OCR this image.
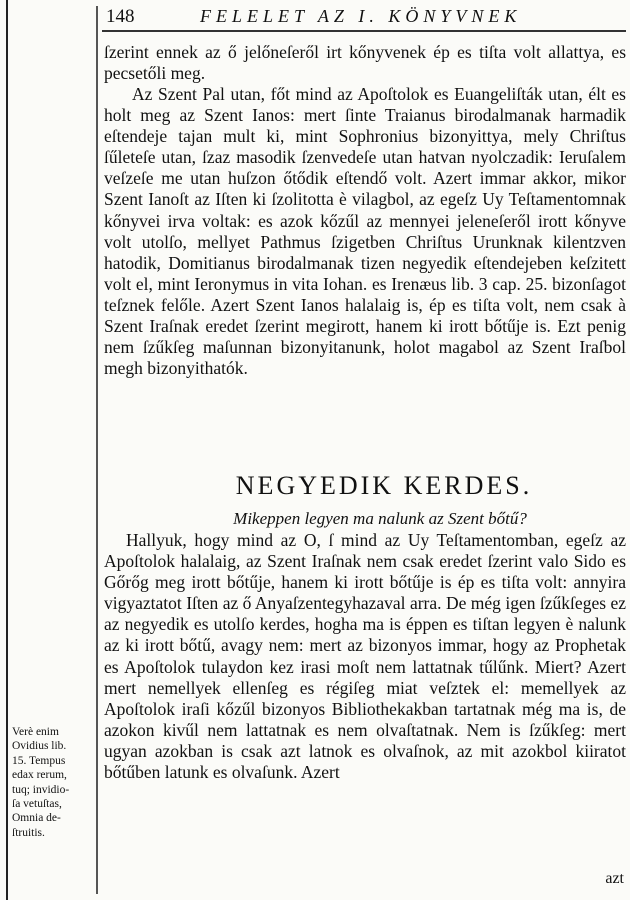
148	FELELET AZ I. KÖNYVNEK

ſzerint ennek az ő jelőneſeről irt kőnyvenek ép es tiſta volt allattya, es pecsetőli meg.

Az Szent Pal utan, főt mind az Apoſtolok es Euangeliſták utan, élt es holt meg az Szent Ianos: mert ſinte Traianus birodalmanak harmadik eſtendeje tajan mult ki, mint Sophronius bizonyittya, mely Chriſtus ſűleteſe utan, ſzaz masodik ſzenvedeſe utan hatvan nyolczadik: Ieruſalem veſzeſe me utan huſzon őtődik eſtendő volt. Azert immar akkor, mikor Szent Ianoſt az Iſten ki ſzolitotta è vilagbol, az egeſz Uy Teſtamentomnak kőnyvei irva voltak: es azok kőzűl az mennyei jeleneſeről irott kőnyve volt utolſo, mellyet Pathmus ſzigetben Chriſtus Urunknak kilentzven hatodik, Domitianus birodalmanak tizen negyedik eſtendejeben keſzitett volt el, mint Ieronymus in vita Iohan. es Irenæus lib. 3 cap. 25. bizonſagot teſznek felőle. Azert Szent Ianos halalaig is, ép es tiſta volt, nem csak à Szent Iraſnak eredet ſzerint megirott, hanem ki irott bőtűje is. Ezt penig nem ſzűkſeg maſunnan bizonyitanunk, holot magabol az Szent Iraſbol megh bizonyithatók.

NEGYEDIK KERDES.
Mikeppen legyen ma nalunk az Szent bőtű?

Hallyuk, hogy mind az O, ſ mind az Uy Teſtamentomban, egeſz az Apoſtolok halalaig, az Szent Iraſnak nem csak eredet ſzerint valo Sido es Gőrőg meg irott bőtűje, hanem ki irott bőtűje is ép es tiſta volt: annyira vigyaztatot Iſten az ő Anyaſzentegyhazaval arra. De még igen ſzűkſeges ez az negyedik es utolſo kerdes, hogha ma is éppen es tiſtan legyen è nalunk az ki irott bőtű, avagy nem: mert az bizonyos immar, hogy az Prophetak es Apoſtolok tulaydon kez irasi moſt nem lattatnak tűlűnk. Miert? Azert mert nemellyek ellenſeg es régiſeg miat veſztek el: memellyek az Apoſtolok iraſi kőzűl bizonyos Bibliothekakban tartatnak még ma is, de azokon kivűl nem lattatnak es nem olvaſtatnak. Nem is ſzűkſeg: mert ugyan azokban is csak azt latnok es olvaſnok, az mit azokbol kiiratot bőtűben latunk es olvaſunk. Azert

Verè enim
Ovidius lib.
15. Tempus
edax rerum,
tuq; invidio-
ſa vetuſtas,
Omnia de-
ſtruitis.
azt
